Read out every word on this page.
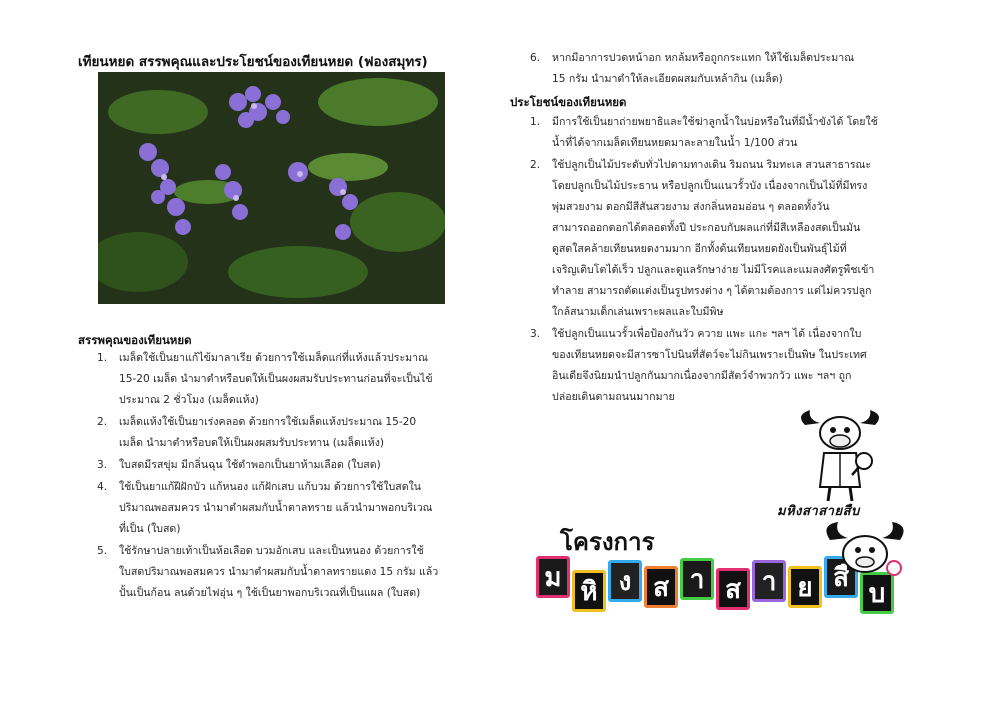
เทียนหยด สรรพคุณและประโยชน์ของเทียนหยด (ฟองสมุทร)
สรรพคุณของเทียนหยด
1. เมล็ดใช้เป็นยาแก้ไข้มาลาเรีย ด้วยการใช้เมล็ดแก่ที่แห้งแล้วประมาณ
15-20 เมล็ด นำมาตำหรือบดให้เป็นผงผสมรับประทานก่อนที่จะเป็นไข้
ประมาณ 2 ชั่วโมง (เมล็ดแห้ง)
2. เมล็ดแห้งใช้เป็นยาเร่งคลอด ด้วยการใช้เมล็ดแห้งประมาณ 15-20
เมล็ด นำมาตำหรือบดให้เป็นผงผสมรับประทาน (เมล็ดแห้ง)
3. ใบสดมีรสขุ่ม มีกลิ่นฉุน ใช้ตำพอกเป็นยาห้ามเลือด (ใบสด)
4. ใช้เป็นยาแก้ฝีฝักบัว แก้หนอง แก้ฝักเสบ แก้บวม ด้วยการใช้ใบสดใน
ปริมาณพอสมควร นำมาตำผสมกับน้ำตาลทราย แล้วนำมาพอกบริเวณ
ที่เป็น (ใบสด)
5. ใช้รักษาปลายเท้าเป็นห้อเลือด บวมอักเสบ และเป็นหนอง ด้วยการใช้
ใบสดปริมาณพอสมควร นำมาตำผสมกับน้ำตาลทรายแดง 15 กรัม แล้ว
ปั้นเป็นก้อน ลนด้วยไฟอุ่น ๆ ใช้เป็นยาพอกบริเวณที่เป็นแผล (ใบสด)
6. หากมีอาการปวดหน้าอก หกล้มหรือถูกกระแทก ให้ใช้เมล็ดประมาณ
15 กรัม นำมาตำให้ละเอียดผสมกับเหล้ากิน (เมล็ด)
ประโยชน์ของเทียนหยด
1. มีการใช้เป็นยาถ่ายพยาธิและใช้ฆ่าลูกน้ำในบ่อหรือในที่มีน้ำขังได้ โดยใช้
น้ำที่ได้จากเมล็ดเทียนหยดมาละลายในน้ำ 1/100 ส่วน
2. ใช้ปลูกเป็นไม้ประดับทั่วไปตามทางเดิน ริมถนน ริมทะเล สวนสาธารณะ
โดยปลูกเป็นไม้ประธาน หรือปลูกเป็นแนวรั้วบัง เนื่องจากเป็นไม้ที่มีทรง
พุ่มสวยงาม ดอกมีสีสันสวยงาม ส่งกลิ่นหอมอ่อน ๆ ตลอดทั้งวัน
สามารถออกดอกได้ตลอดทั้งปี ประกอบกับผลแก่ที่มีสีเหลืองสดเป็นมัน
ดูสดใสคล้ายเทียนหยดงามมาก อีกทั้งต้นเทียนหยดยังเป็นพันธุ์ไม้ที่
เจริญเติบโตได้เร็ว ปลูกและดูแลรักษาง่าย ไม่มีโรคและแมลงศัตรูพืชเข้า
ทำลาย สามารถตัดแต่งเป็นรูปทรงต่าง ๆ ได้ตามต้องการ แต่ไม่ควรปลูก
ใกล้สนามเด็กเล่นเพราะผลและใบมีพิษ
3. ใช้ปลูกเป็นแนวรั้วเพื่อป้องกันวัว ควาย แพะ แกะ ฯลฯ ได้ เนื่องจากใบ
ของเทียนหยดจะมีสารซาโปนินที่สัตว์จะไม่กินเพราะเป็นพิษ ในประเทศ
อินเดียจึงนิยมนำปลูกกันมากเนื่องจากมีสัตว์จำพวกวัว แพะ ฯลฯ ถูก
ปล่อยเดินตามถนนมากมาย
มหิงสาสายสืบ
โครงการ
ม หิ ง ส า ส า ย สื
บ
